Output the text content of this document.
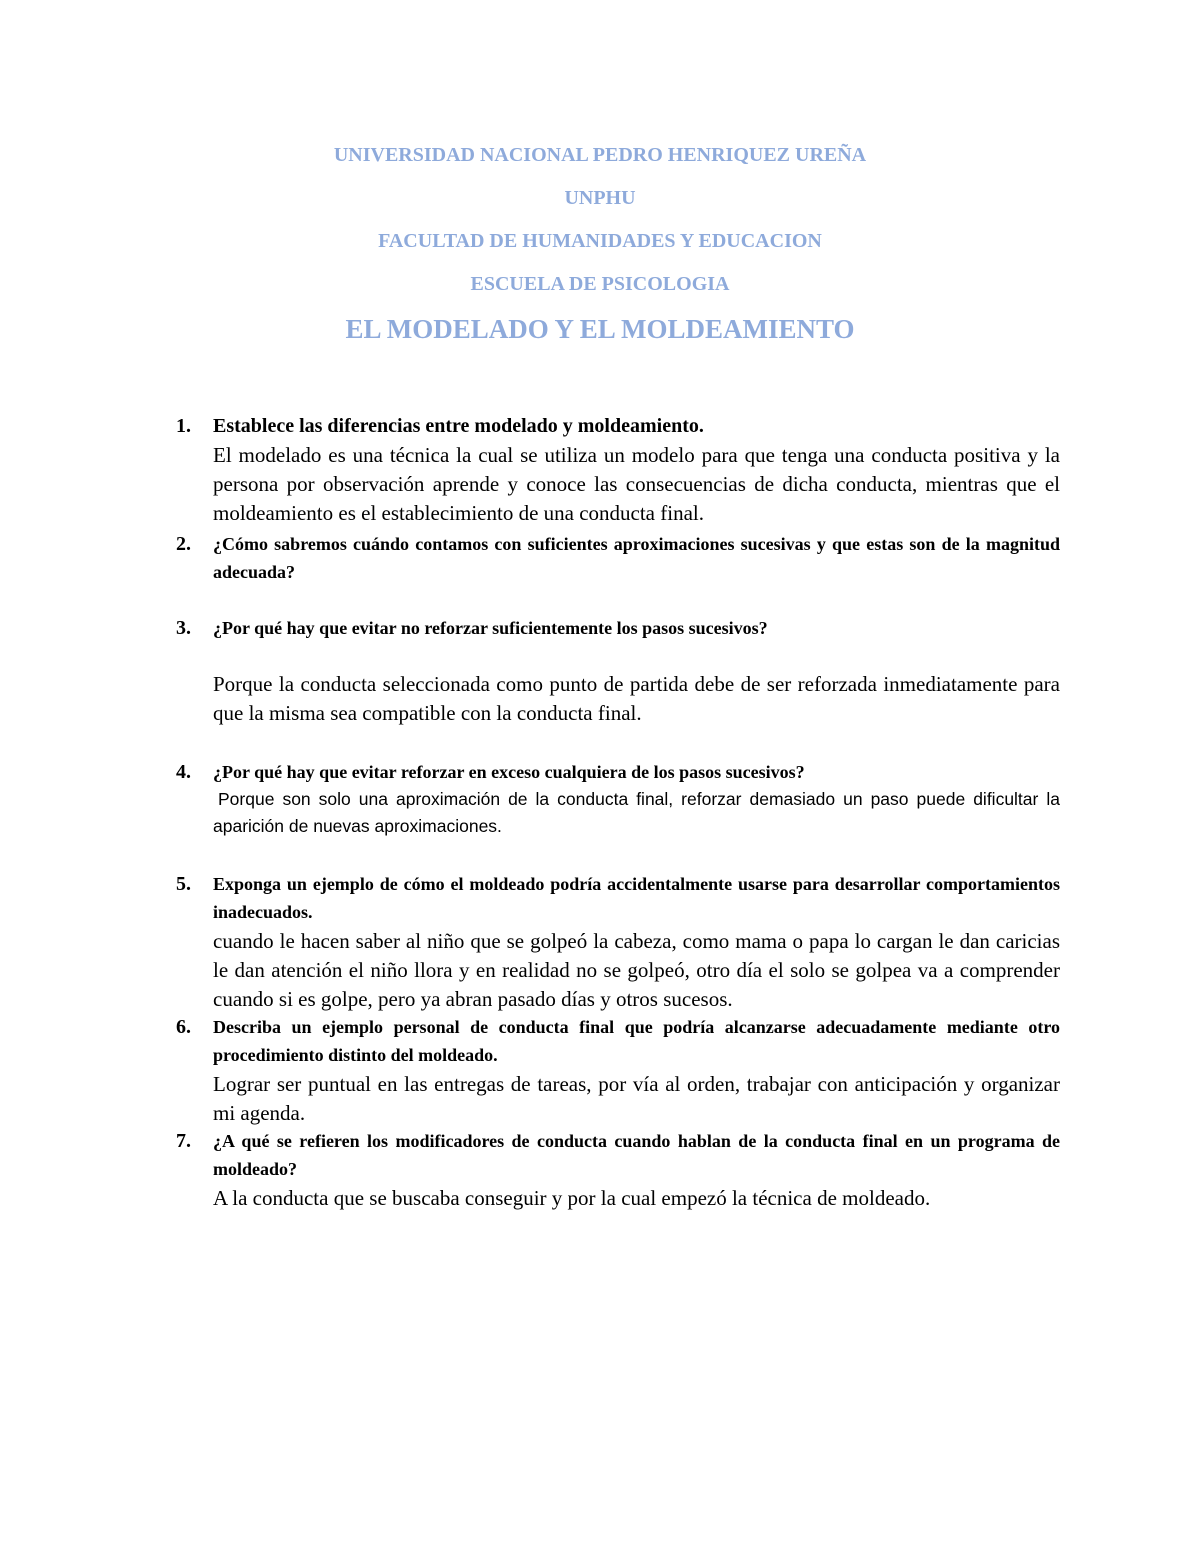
UNIVERSIDAD NACIONAL PEDRO HENRIQUEZ UREÑA
UNPHU
FACULTAD DE HUMANIDADES Y EDUCACION
ESCUELA DE PSICOLOGIA
EL MODELADO Y EL MOLDEAMIENTO
1.	Establece las diferencias entre modelado y moldeamiento.
El modelado es una técnica la cual se utiliza un modelo para que tenga una conducta positiva y la persona por observación aprende y conoce las consecuencias de dicha conducta, mientras que el moldeamiento es el establecimiento de una conducta final.
2.	¿Cómo sabremos cuándo contamos con suficientes aproximaciones sucesivas y que estas son de la magnitud adecuada?
3.	¿Por qué hay que evitar no reforzar suficientemente los pasos sucesivos?
Porque la conducta seleccionada como punto de partida debe de ser reforzada inmediatamente para que la misma sea compatible con la conducta final.
4.	¿Por qué hay que evitar reforzar en exceso cualquiera de los pasos sucesivos?
Porque son solo una aproximación de la conducta final, reforzar demasiado un paso puede dificultar la aparición de nuevas aproximaciones.
5.	Exponga un ejemplo de cómo el moldeado podría accidentalmente usarse para desarrollar comportamientos inadecuados.
cuando le hacen saber al niño que se golpeó la cabeza, como mama o papa lo cargan le dan caricias le dan atención el niño llora y en realidad no se golpeó, otro día el solo se golpea va a comprender cuando si es golpe, pero ya abran pasado días y otros sucesos.
6.	Describa un ejemplo personal de conducta final que podría alcanzarse adecuadamente mediante otro procedimiento distinto del moldeado.
Lograr ser puntual en las entregas de tareas, por vía al orden, trabajar con anticipación y organizar mi agenda.
7.	¿A qué se refieren los modificadores de conducta cuando hablan de la conducta final en un programa de moldeado?
A la conducta que se buscaba conseguir y por la cual empezó la técnica de moldeado.
